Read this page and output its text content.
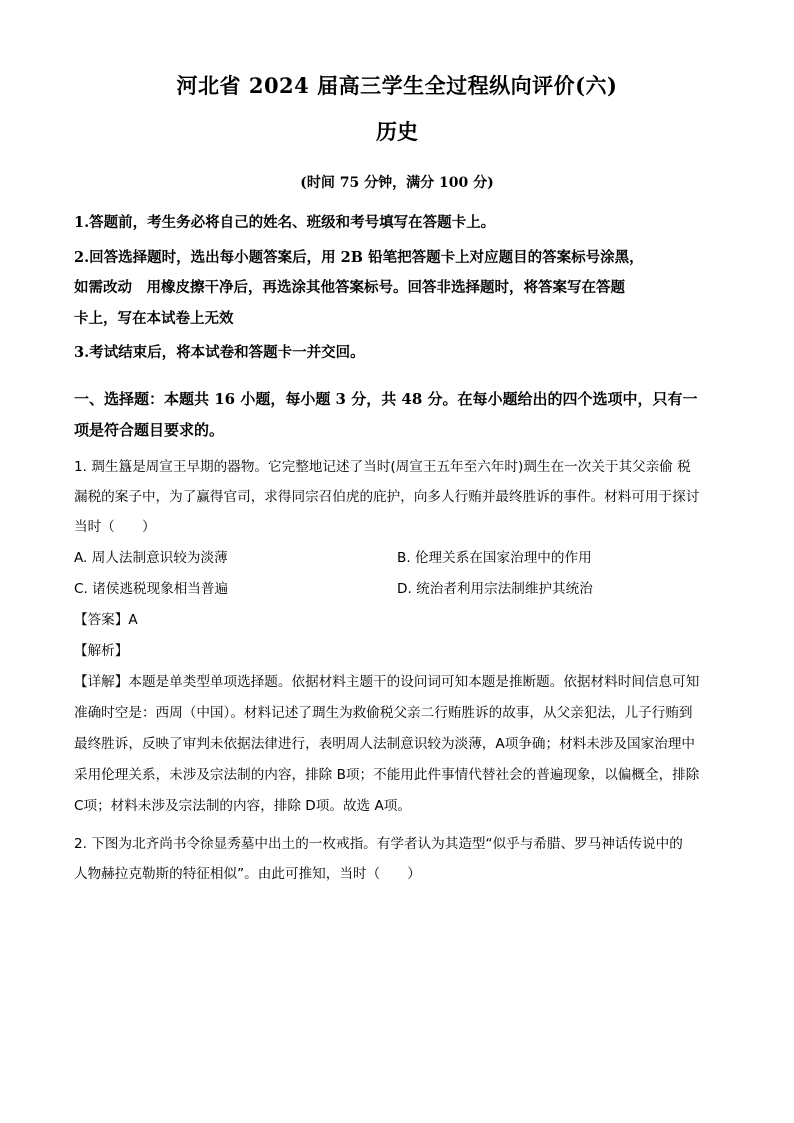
河北省 2024 届高三学生全过程纵向评价(六)
历史
(时间 75 分钟，满分 100 分)
1.答题前，考生务必将自己的姓名、班级和考号填写在答题卡上。
2.回答选择题时，选出每小题答案后，用 2B 铅笔把答题卡上对应题目的答案标号涂黑，
如需改动　用橡皮擦干净后，再选涂其他答案标号。回答非选择题时，将答案写在答题
卡上，写在本试卷上无效
3.考试结束后，将本试卷和答题卡一并交回。
一、选择题：本题共 16 小题，每小题 3 分，共 48 分。在每小题给出的四个选项中，只有一
项是符合题目要求的。
1. 琱生簋是周宣王早期的器物。它完整地记述了当时(周宣王五年至六年时)琱生在一次关于其父亲偷 税
漏税的案子中，为了赢得官司，求得同宗召伯虎的庇护，向多人行贿并最终胜诉的事件。材料可用于探讨
当时（　　）
A. 周人法制意识较为淡薄	B. 伦理关系在国家治理中的作用
C. 诸侯逃税现象相当普遍	D. 统治者利用宗法制维护其统治
【答案】A
【解析】
【详解】本题是单类型单项选择题。依据材料主题干的设问词可知本题是推断题。依据材料时间信息可知
准确时空是：西周（中国）。材料记述了琱生为救偷税父亲二行贿胜诉的故事，从父亲犯法，儿子行贿到
最终胜诉，反映了审判未依据法律进行，表明周人法制意识较为淡薄，A项争确；材料未涉及国家治理中
采用伦理关系，未涉及宗法制的内容，排除 B项；不能用此件事情代替社会的普遍现象，以偏概全，排除
C项；材料未涉及宗法制的内容，排除 D项。故选 A项。
2. 下图为北齐尚书令徐显秀墓中出土的一枚戒指。有学者认为其造型“似乎与希腊、罗马神话传说中的
人物赫拉克勒斯的特征相似”。由此可推知，当时（　　）
